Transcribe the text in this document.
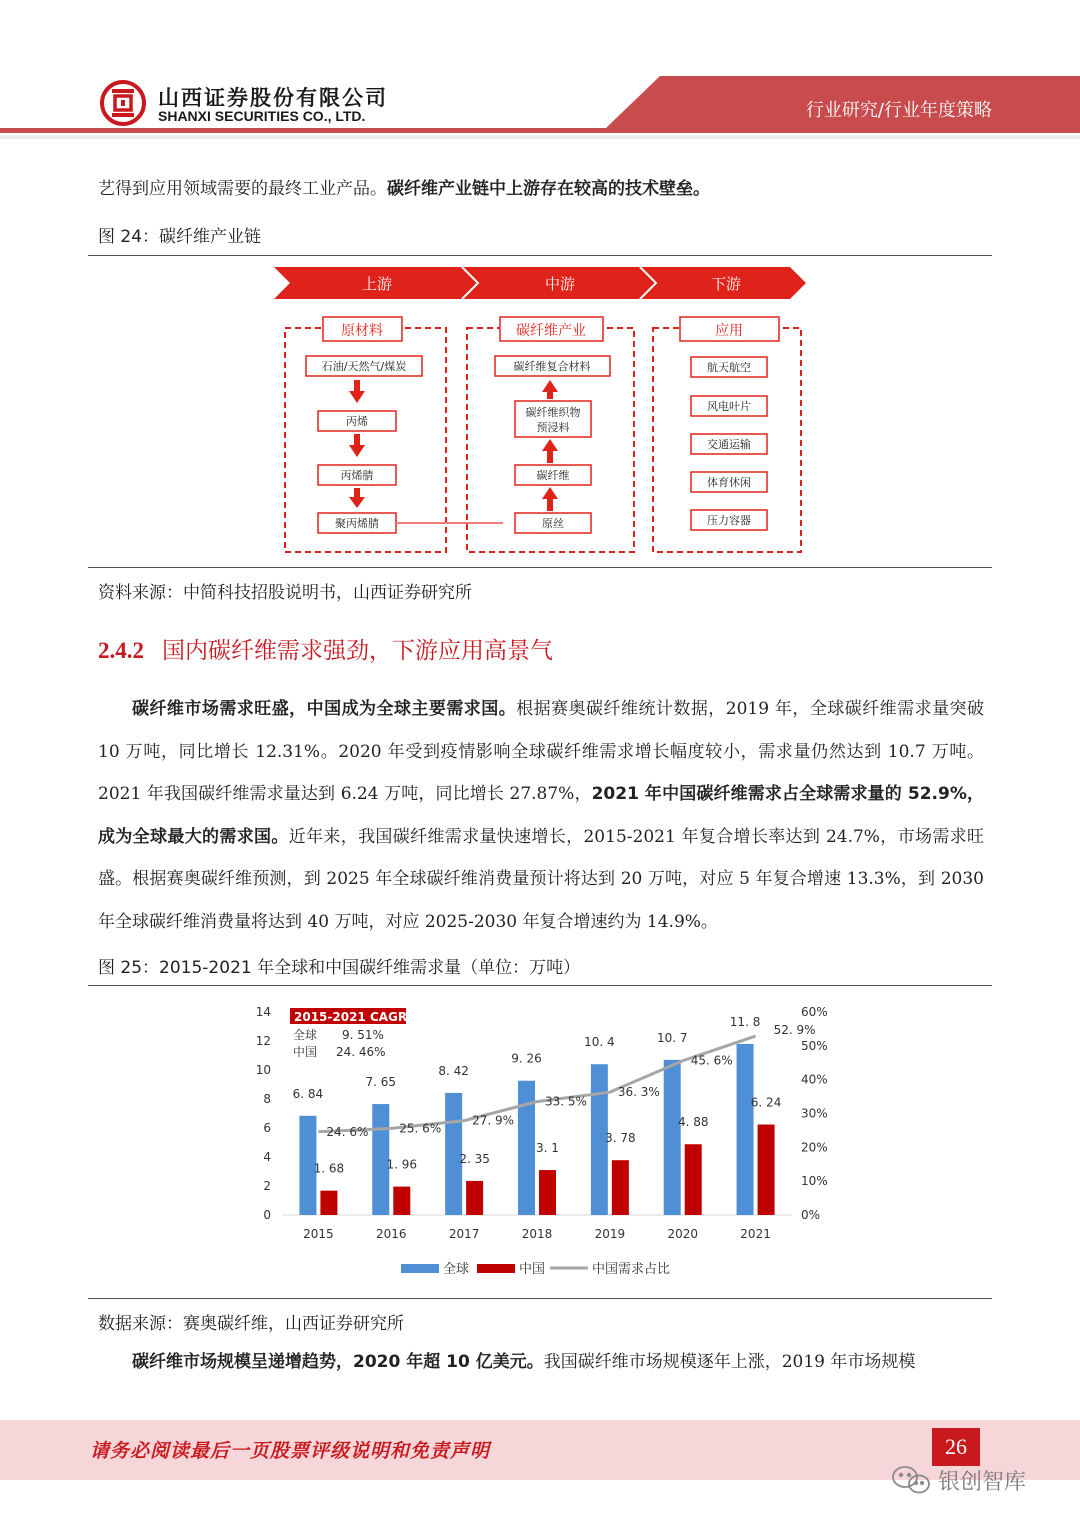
山西证券股份有限公司
SHANXI SECURITIES CO., LTD.	行业研究/行业年度策略
艺得到应用领域需要的最终工业产品。碳纤维产业链中上游存在较高的技术壁垒。
图 24：碳纤维产业链
上游	中游	下游
原材料	碳纤维产业	应用
石油/天然气/煤炭
丙烯
丙烯腈
聚丙烯腈
碳纤维复合材料
碳纤维织物
预浸料
碳纤维
原丝
航天航空
风电叶片
交通运输
体育休闲
压力容器
资料来源：中简科技招股说明书，山西证券研究所
2.4.2 国内碳纤维需求强劲，下游应用高景气
碳纤维市场需求旺盛，中国成为全球主要需求国。根据赛奥碳纤维统计数据，2019 年，全球碳纤维需求量突破 10 万吨，同比增长 12.31%。2020 年受到疫情影响全球碳纤维需求增长幅度较小，需求量仍然达到 10.7 万吨。2021 年我国碳纤维需求量达到 6.24 万吨，同比增长 27.87%，2021 年中国碳纤维需求占全球需求量的 52.9%，成为全球最大的需求国。近年来，我国碳纤维需求量快速增长，2015-2021 年复合增长率达到 24.7%，市场需求旺盛。根据赛奥碳纤维预测，到 2025 年全球碳纤维消费量预计将达到 20 万吨，对应 5 年复合增速 13.3%，到 2030 年全球碳纤维消费量将达到 40 万吨，对应 2025-2030 年复合增速约为 14.9%。
图 25：2015-2021 年全球和中国碳纤维需求量（单位：万吨）
0
2
4
6
8
10
12
14
0%
10%
20%
30%
40%
50%
60%
2015	2016	2017	2018	2019	2020	2021
6. 84
1. 68
7. 65
1. 96
8. 42
2. 35
9. 26
3. 1
10. 4
3. 78
10. 7
4. 88
11. 8
6. 24
24. 6%	25. 6%
27. 9%
33. 5%
36. 3%
45. 6%
52. 9%
2015-2021 CAGR
全球 9. 51%
中国 24. 46%
全球	中国	中国需求占比
数据来源：赛奥碳纤维，山西证券研究所
碳纤维市场规模呈递增趋势，2020 年超 10 亿美元。我国碳纤维市场规模逐年上涨，2019 年市场规模
请务必阅读最后一页股票评级说明和免责声明	26
银创智库
